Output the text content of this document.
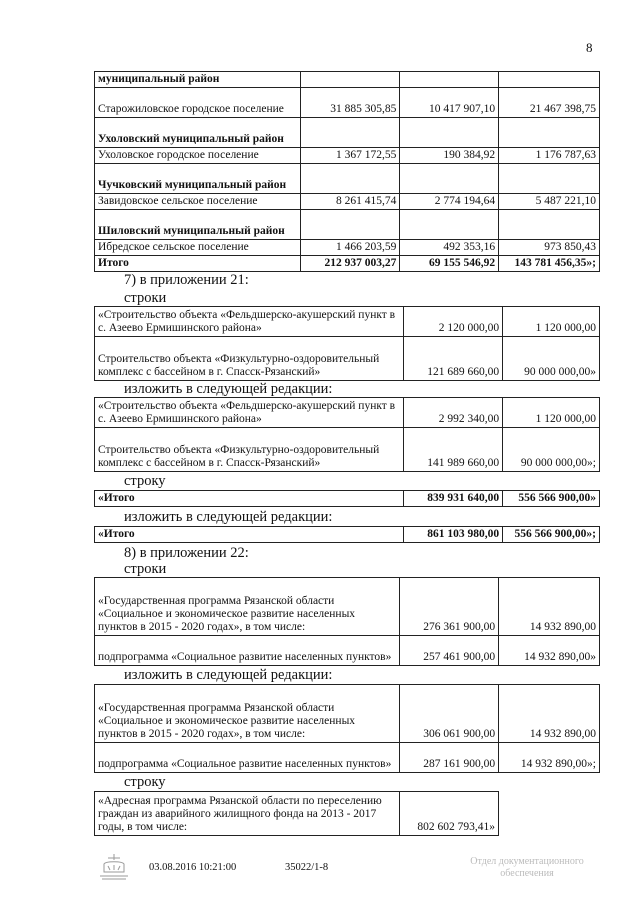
8
муниципальный район			
Старожиловское городское поселение	31 885 305,85	10 417 907,10	21 467 398,75
Ухоловский муниципальный район			
Ухоловское городское поселение	1 367 172,55	190 384,92	1 176 787,63
Чучковский муниципальный район			
Завидовское сельское поселение	8 261 415,74	2 774 194,64	5 487 221,10
Шиловский муниципальный район			
Ибредское сельское поселение	1 466 203,59	492 353,16	973 850,43
Итого	212 937 003,27	69 155 546,92	143 781 456,35»;
7) в приложении 21:
строки
«Строительство объекта «Фельдшерско-акушерский пункт в с. Азеево Ермишинского района»	2 120 000,00	1 120 000,00
Строительство объекта «Физкультурно-оздоровительный комплекс с бассейном в г. Спасск-Рязанский»	121 689 660,00	90 000 000,00»
изложить в следующей редакции:
«Строительство объекта «Фельдшерско-акушерский пункт в с. Азеево Ермишинского района»	2 992 340,00	1 120 000,00
Строительство объекта «Физкультурно-оздоровительный комплекс с бассейном в г. Спасск-Рязанский»	141 989 660,00	90 000 000,00»;
строку
«Итого	839 931 640,00	556 566 900,00»
изложить в следующей редакции:
«Итого	861 103 980,00	556 566 900,00»;
8) в приложении 22:
строки
«Государственная программа Рязанской области «Социальное и экономическое развитие населенных пунктов в 2015 - 2020 годах», в том числе:	276 361 900,00	14 932 890,00
подпрограмма «Социальное развитие населенных пунктов»	257 461 900,00	14 932 890,00»
изложить в следующей редакции:
«Государственная программа Рязанской области «Социальное и экономическое развитие населенных пунктов в 2015 - 2020 годах», в том числе:	306 061 900,00	14 932 890,00
подпрограмма «Социальное развитие населенных пунктов»	287 161 900,00	14 932 890,00»;
строку
«Адресная программа Рязанской области по переселению граждан из аварийного жилищного фонда на 2013 - 2017 годы, в том числе:	802 602 793,41»
03.08.2016 10:21:00	35022/1-8
Отдел документационного обеспечения
